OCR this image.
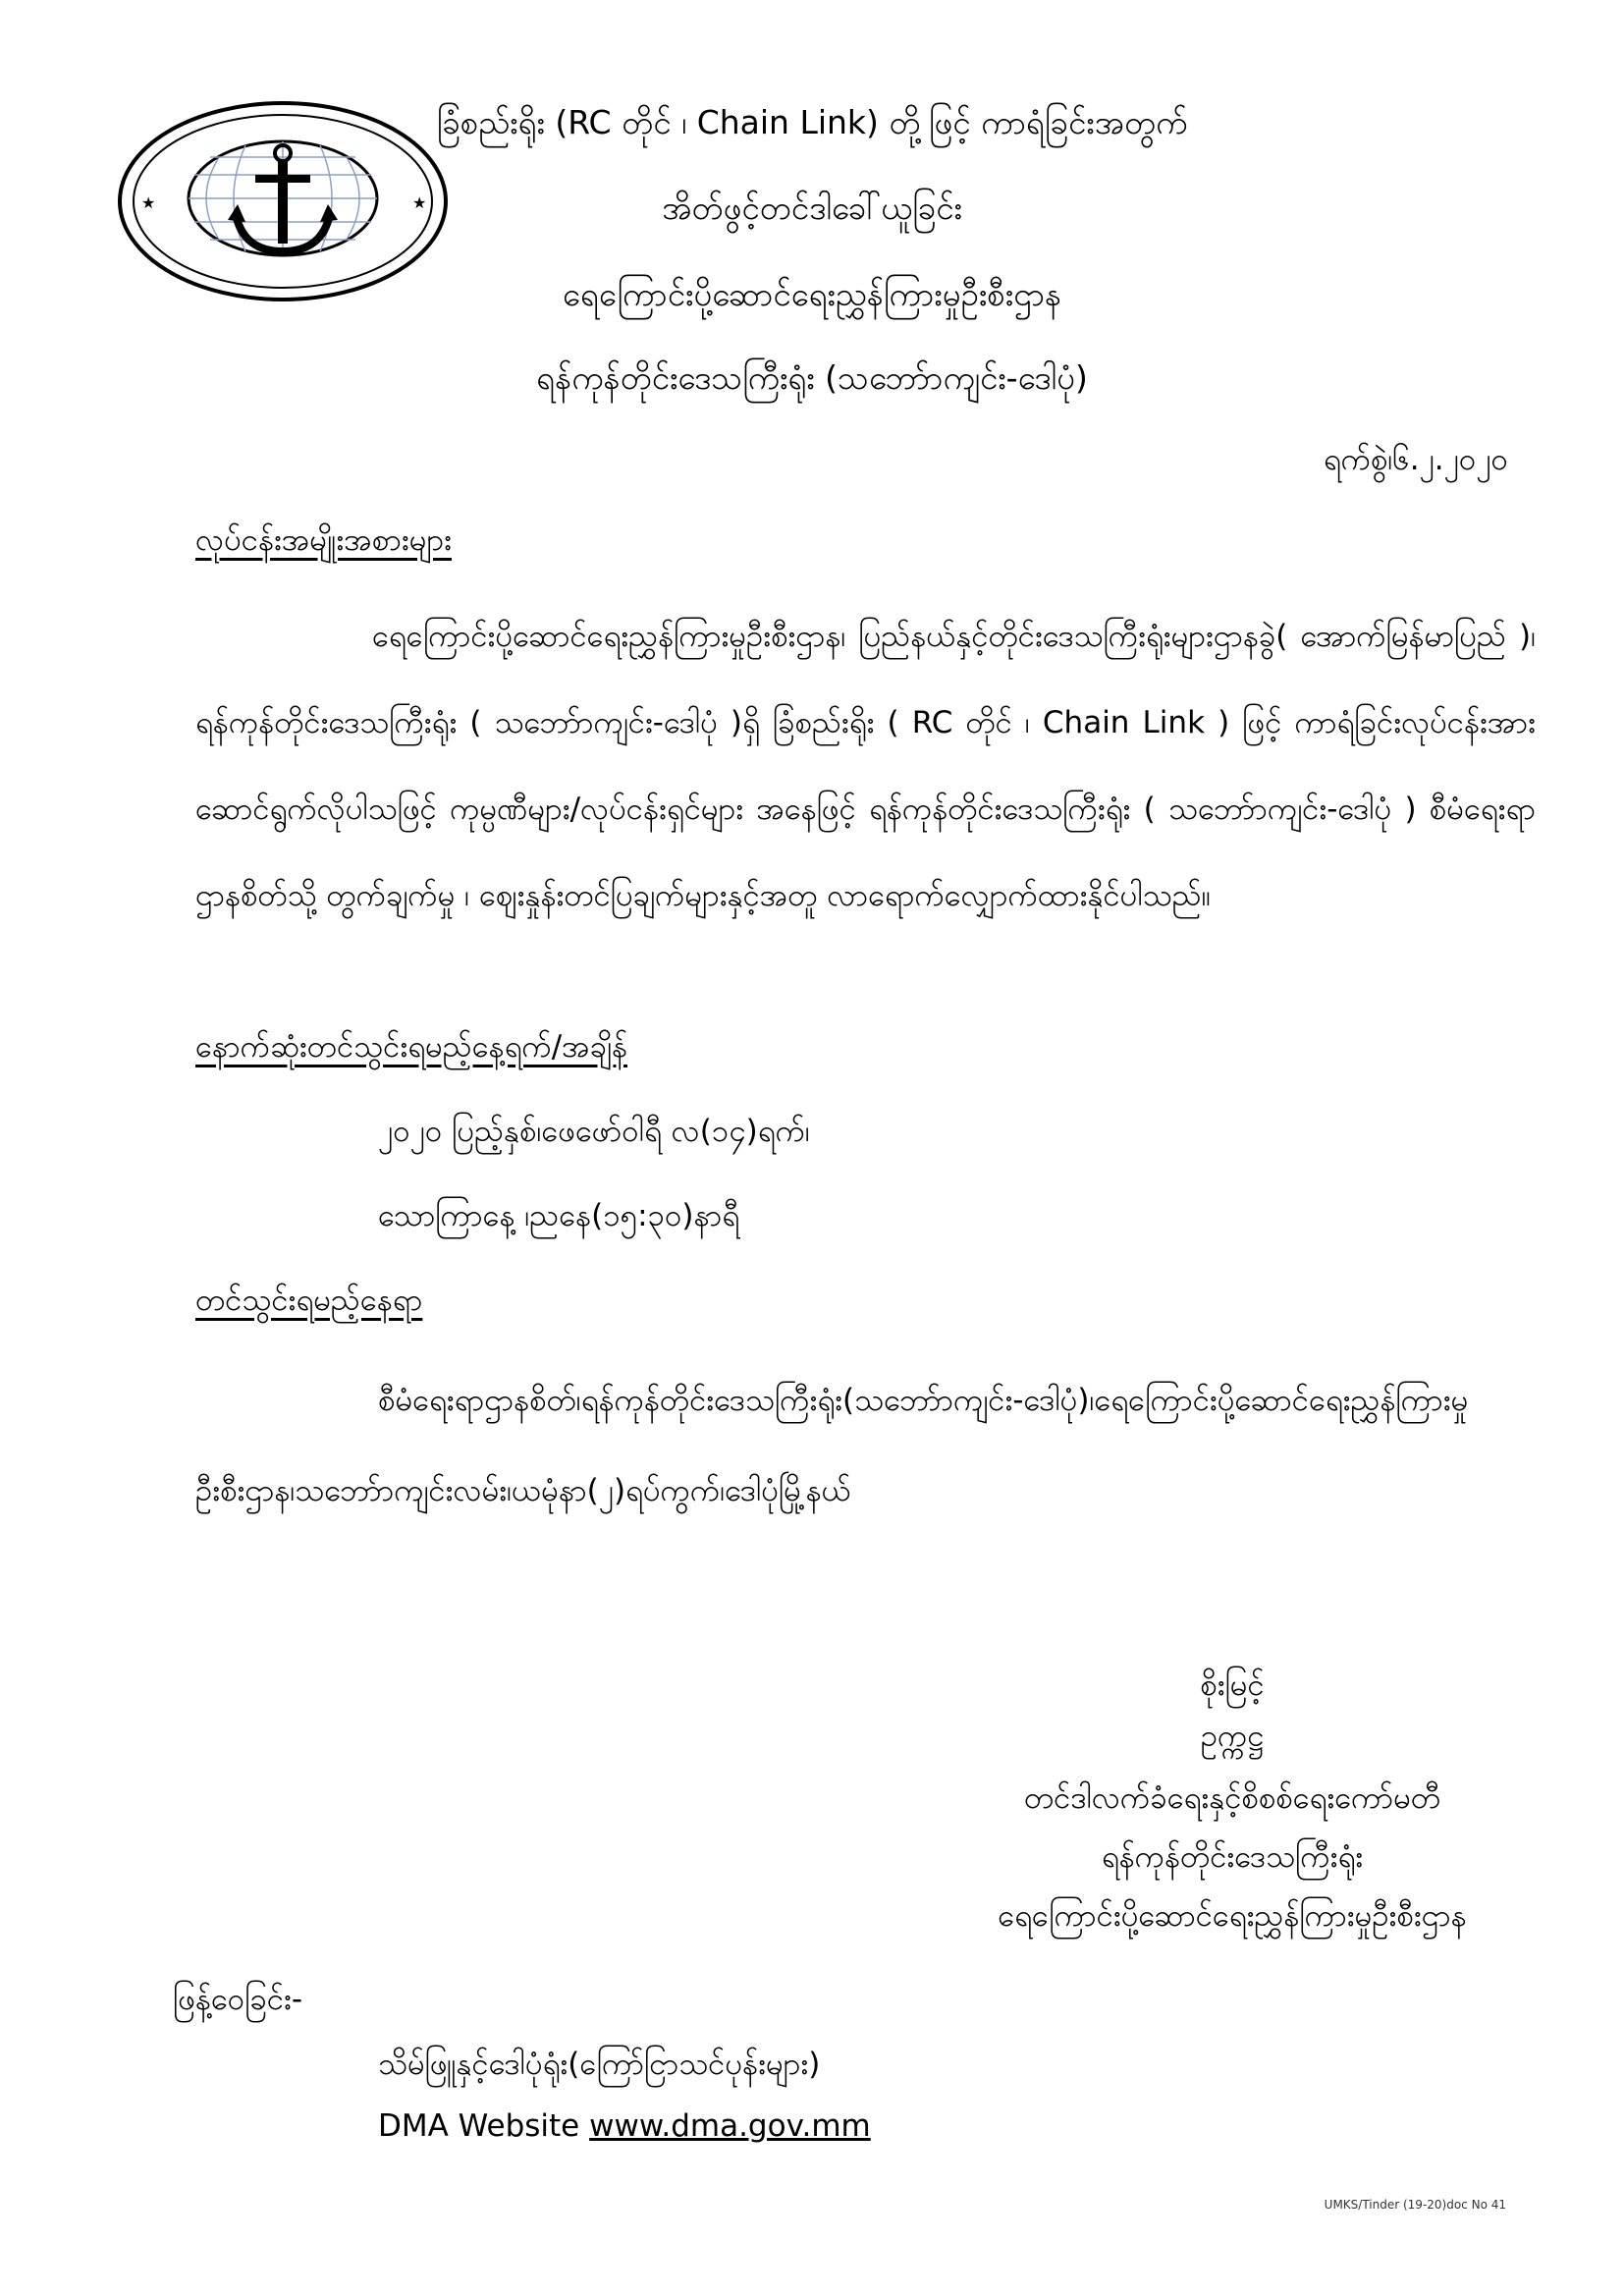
★	★
ခြံစည်းရိုး (RC တိုင် ၊ Chain Link) တို့ဖြင့် ကာရံခြင်းအတွက်
အိတ်ဖွင့်တင်ဒါခေါ်ယူခြင်း
ရေကြောင်းပို့ဆောင်ရေးညွှန်ကြားမှုဦးစီးဌာန
ရန်ကုန်တိုင်းဒေသကြီးရုံး (သဘော်ာကျင်း-ဒေါပုံ)
ရက်စွဲ၊၆.၂.၂၀၂၀
လုပ်ငန်းအမျိုးအစားများ
ရေကြောင်းပို့ဆောင်ရေးညွှန်ကြားမှုဦးစီးဌာန၊ ပြည်နယ်နှင့်တိုင်းဒေသကြီးရုံးများဌာနခွဲ( အောက်မြန်မာပြည် )၊ ရန်ကုန်တိုင်းဒေသကြီးရုံး ( သဘော်ာကျင်း-ဒေါပုံ )ရှိ ခြံစည်းရိုး ( RC တိုင် ၊ Chain Link ) ဖြင့် ကာရံခြင်းလုပ်ငန်းအား ဆောင်ရွက်လိုပါသဖြင့် ကုမ္ပဏီများ/လုပ်ငန်းရှင်များ အနေဖြင့် ရန်ကုန်တိုင်းဒေသကြီးရုံး ( သဘော်ာကျင်း-ဒေါပုံ ) စီမံရေးရာ ဌာနစိတ်သို့ တွက်ချက်မှု ၊ ဈေးနှုန်းတင်ပြချက်များနှင့်အတူ လာရောက်လျှောက်ထားနိုင်ပါသည်။
နောက်ဆုံးတင်သွင်းရမည့်နေ့ရက်/အချိန်
၂၀၂၀ ပြည့်နှစ်၊ဖေဖော်ဝါရီ လ(၁၄)ရက်၊
သောကြာနေ့ ၊ညနေ(၁၅:၃၀)နာရီ
တင်သွင်းရမည့်နေရာ
စီမံရေးရာဌာနစိတ်၊ရန်ကုန်တိုင်းဒေသကြီးရုံး(သဘော်ာကျင်း-ဒေါပုံ)၊ရေကြောင်းပို့ဆောင်ရေးညွှန်ကြားမှုဦးစီးဌာန၊သဘော်ာကျင်းလမ်း၊ယမုံနာ(၂)ရပ်ကွက်၊ဒေါပုံမြို့နယ်
စိုးမြင့်
ဥက္ကဋ္ဌ
တင်ဒါလက်ခံရေးနှင့်စိစစ်ရေးကော်မတီ
ရန်ကုန်တိုင်းဒေသကြီးရုံး
ရေကြောင်းပို့ဆောင်ရေးညွှန်ကြားမှုဦးစီးဌာန
ဖြန့်ဝေခြင်း-
သိမ်ဖြူနှင့်ဒေါပုံရုံး(ကြော်ငြာသင်ပုန်းများ)
DMA Website www.dma.gov.mm
UMKS/Tinder (19-20)doc No 41
